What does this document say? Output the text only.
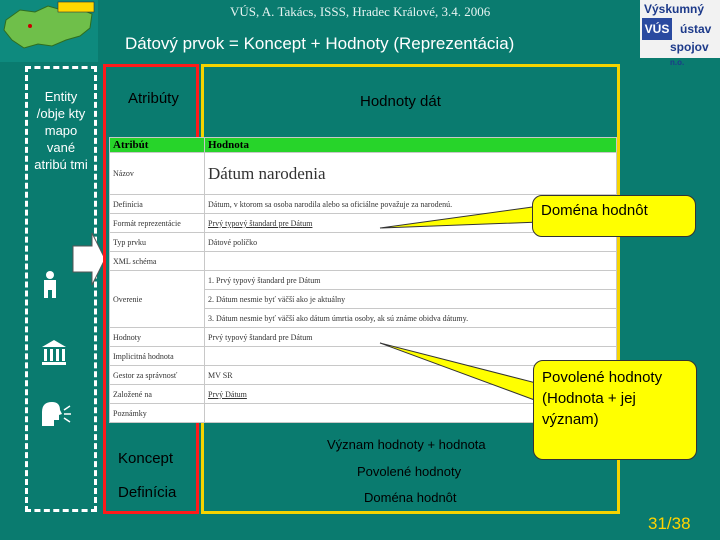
VÚS, A. Takács, ISSS, Hradec Králové, 3.4. 2006
Dátový prvok = Koncept + Hodnoty (Reprezentácia)
Výskumný
VÚS ústav
spojov n.o.
Entity /obje kty mapo vané atribú tmi
Atribúty	Hodnoty dát
Atribút	Hodnota
Názov	Dátum narodenia
Definícia	Dátum, v ktorom sa osoba narodila alebo sa oficiálne považuje za narodenú.
Formát reprezentácie	Prvý typový štandard pre Dátum
Typ prvku	Dátové políčko
XML schéma	
Overenie	1. Prvý typový štandard pre Dátum
	2. Dátum nesmie byť väčší ako je aktuálny
	3. Dátum nesmie byť väčší ako dátum úmrtia osoby, ak sú známe obidva dátumy.
Hodnoty	Prvý typový štandard pre Dátum
Implicitná hodnota	
Gestor za správnosť	MV SR
Založené na	Prvý Dátum
Poznámky	
Doména hodnôt
Povolené hodnoty (Hodnota + jej význam)
Koncept
Definícia
Význam hodnoty + hodnota
Povolené hodnoty
Doména hodnôt
31/38
